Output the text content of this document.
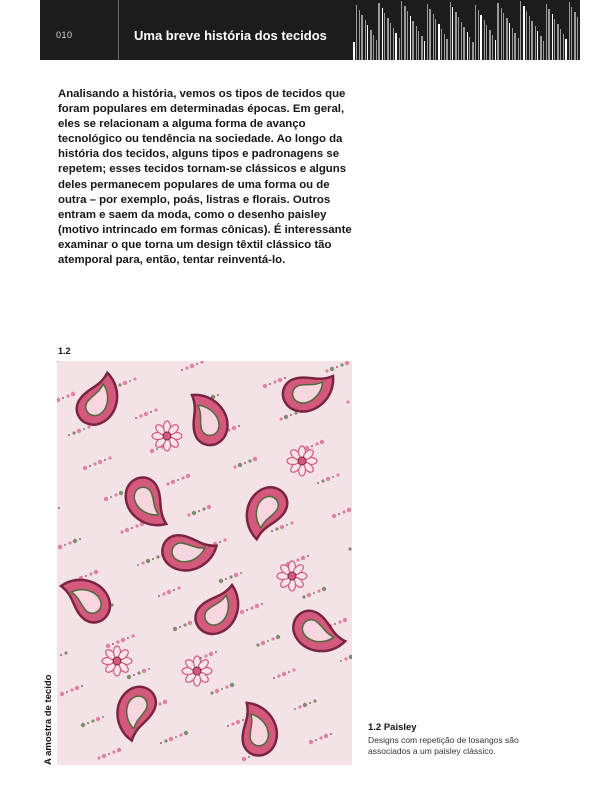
010	Uma breve história dos tecidos

Analisando a história, vemos os tipos de tecidos que foram populares em determinadas épocas. Em geral, eles se relacionam a alguma forma de avanço tecnológico ou tendência na sociedade. Ao longo da história dos tecidos, alguns tipos e padronagens se repetem; esses tecidos tornam-se clássicos e alguns deles permanecem populares de uma forma ou de outra – por exemplo, poás, listras e florais. Outros entram e saem da moda, como o desenho paisley (motivo intrincado em formas cônicas). É interessante examinar o que torna um design têxtil clássico tão atemporal para, então, tentar reinventá-lo.

1.2

1.2 Paisley

Designs com repetição de losangos são associados a um paisley clássico.

A amostra de tecido
